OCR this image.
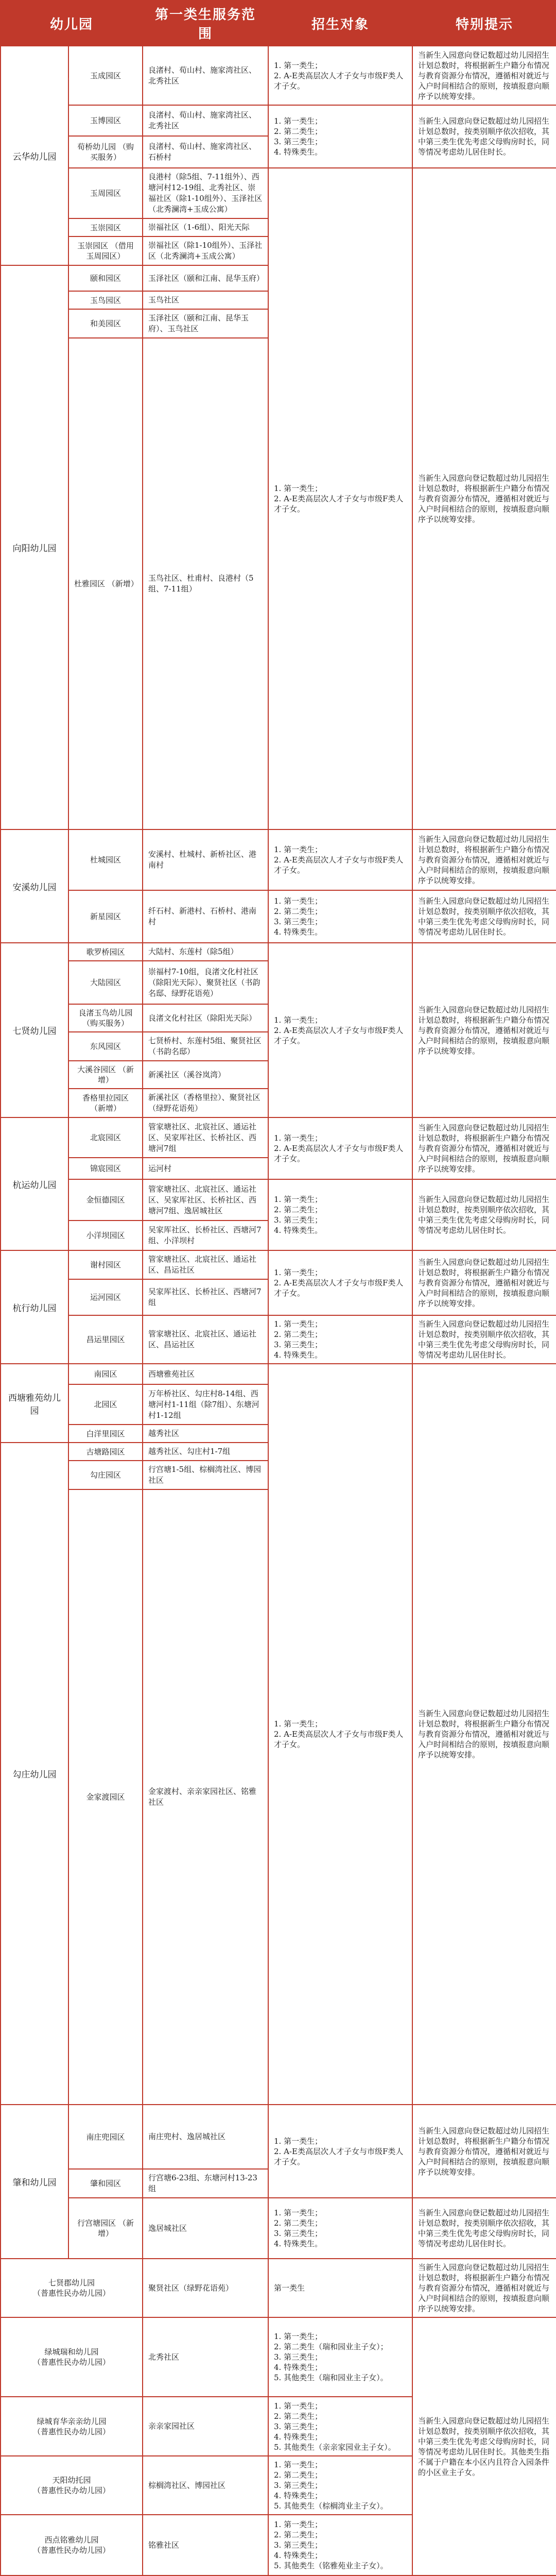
幼儿园		第一类生服务范围	招生对象	特别提示	
云华幼儿园	玉成园区	良渚村、荀山村、施家湾社区、北秀社区	1. 第一类生；
2. A-E类高层次人才子女与市级F类人才子女。	当新生入园意向登记数超过幼儿园招生计划总数时，将根据新生户籍分布情况与教育资源分布情况，遵循相对就近与入户时间相结合的原则，按填报意向顺序予以统筹安排。	
	玉博园区	良渚村、荀山村、施家湾社区、北秀社区	1. 第一类生；
2. 第二类生；
3. 第三类生；
4. 特殊类生。	当新生入园意向登记数超过幼儿园招生计划总数时，按类别顺序依次招收，其中第三类生优先考虑父母购房时长，同等情况考虑幼儿居住时长。	
	荀桥幼儿园 （购买服务）	良渚村、荀山村、施家湾社区、石桥村			
	玉周园区	良港村（除5组、7-11组外）、西塘河村12-19组、北秀社区、崇福社区（除1-10组外）、玉泽社区（北秀澜湾+玉成公寓）	1. 第一类生；
2. A-E类高层次人才子女与市级F类人才子女。	当新生入园意向登记数超过幼儿园招生计划总数时，将根据新生户籍分布情况与教育资源分布情况，遵循相对就近与入户时间相结合的原则，按填报意向顺序予以统筹安排。	
	玉崇园区	崇福社区（1-6组）、阳光天际			
	玉崇园区 （借用玉周园区）	崇福社区（除1-10组外）、玉泽社区（北秀澜湾+玉成公寓）			
向阳幼儿园	颐和园区	玉泽社区（颐和江南、昆华玉府）			
	玉鸟园区	玉鸟社区			
	和美园区	玉泽社区（颐和江南、昆华玉府）、玉鸟社区			
	杜雅园区 （新增）	玉鸟社区、杜甫村、良港村（5组、7-11组）		
安溪幼儿园	杜城园区	安溪村、杜城村、新桥社区、港南村	1. 第一类生；
2. A-E类高层次人才子女与市级F类人才子女。	当新生入园意向登记数超过幼儿园招生计划总数时，将根据新生户籍分布情况与教育资源分布情况，遵循相对就近与入户时间相结合的原则，按填报意向顺序予以统筹安排。	
	新星园区	纤石村、新港村、石桥村、港南村	1. 第一类生；
2. 第二类生；
3. 第三类生；
4. 特殊类生。	当新生入园意向登记数超过幼儿园招生计划总数时，按类别顺序依次招收，其中第三类生优先考虑父母购房时长，同等情况考虑幼儿居住时长。	
七贤幼儿园	歌罗桥园区	大陆村、东莲村（除5组）	1. 第一类生；
2. A-E类高层次人才子女与市级F类人才子女。	当新生入园意向登记数超过幼儿园招生计划总数时，将根据新生户籍分布情况与教育资源分布情况，遵循相对就近与入户时间相结合的原则，按填报意向顺序予以统筹安排。	
	大陆园区	崇福村7-10组，良渚文化村社区（除阳光天际）、聚贤社区（书韵名邸、绿野花语苑）			
	良渚玉鸟幼儿园 （购买服务）	良渚文化村社区（除阳光天际）			
	东风园区	七贤桥村、东莲村5组、聚贤社区（书韵名邸）			
	大溪谷园区 （新增）	新溪社区（溪谷岚湾）			
	香格里拉园区 （新增）	新溪社区（香格里拉）、聚贤社区（绿野花语苑）			
杭运幼儿园	北宸园区	管家塘社区、北宸社区、通运社区、吴家厍社区、长桥社区、西塘河7组	1. 第一类生；
2. A-E类高层次人才子女与市级F类人才子女。	当新生入园意向登记数超过幼儿园招生计划总数时，将根据新生户籍分布情况与教育资源分布情况，遵循相对就近与入户时间相结合的原则，按填报意向顺序予以统筹安排。	
	锦宸园区	运河村			
	金恒德园区	管家塘社区、北宸社区、通运社区、吴家厍社区、长桥社区、西塘河7组、逸居城社区	1. 第一类生；
2. 第二类生；
3. 第三类生；
4. 特殊类生。	当新生入园意向登记数超过幼儿园招生计划总数时，按类别顺序依次招收，其中第三类生优先考虑父母购房时长，同等情况考虑幼儿居住时长。	
	小洋坝园区	吴家厍社区、长桥社区、西塘河7组、小洋坝村			
杭行幼儿园	谢村园区	管家塘社区、北宸社区、通运社区、昌运社区	1. 第一类生；
2. A-E类高层次人才子女与市级F类人才子女。	当新生入园意向登记数超过幼儿园招生计划总数时，将根据新生户籍分布情况与教育资源分布情况，遵循相对就近与入户时间相结合的原则，按填报意向顺序予以统筹安排。	
	运河园区	吴家厍社区、长桥社区、西塘河7组			
	昌运里园区	管家塘社区、北宸社区、通运社区、昌运社区	1. 第一类生；
2. 第二类生；
3. 第三类生；
4. 特殊类生。	当新生入园意向登记数超过幼儿园招生计划总数时，按类别顺序依次招收，其中第三类生优先考虑父母购房时长，同等情况考虑幼儿居住时长。	
西塘雅苑幼儿园	南园区	西塘雅苑社区	1. 第一类生；
2. A-E类高层次人才子女与市级F类人才子女。	当新生入园意向登记数超过幼儿园招生计划总数时，将根据新生户籍分布情况与教育资源分布情况，遵循相对就近与入户时间相结合的原则，按填报意向顺序予以统筹安排。	
	北园区	万年桥社区、勾庄村8-14组、西塘河村1-11组（除7组）、东塘河村1-12组			
	白洋里园区	越秀社区			
勾庄幼儿园	古塘路园区	越秀社区、勾庄村1-7组			
	勾庄园区	行宫塘1-5组、棕榈湾社区、博园社区			
	金家渡园区	金家渡村、亲亲家园社区、铭雅社区		
肇和幼儿园	南庄兜园区	南庄兜村、逸居城社区	1. 第一类生；
2. A-E类高层次人才子女与市级F类人才子女。	当新生入园意向登记数超过幼儿园招生计划总数时，将根据新生户籍分布情况与教育资源分布情况，遵循相对就近与入户时间相结合的原则，按填报意向顺序予以统筹安排。	
	肇和园区	行宫塘6-23组、东塘河村13-23组			
	行宫塘园区 （新增）	逸居城社区	1. 第一类生；
2. 第二类生；
3. 第三类生；
4. 特殊类生。	当新生入园意向登记数超过幼儿园招生计划总数时，按类别顺序依次招收，其中第三类生优先考虑父母购房时长，同等情况考虑幼儿居住时长。	
七贤郡幼儿园
（普惠性民办幼儿园）		聚贤社区（绿野花语苑）	第一类生	当新生入园意向登记数超过幼儿园招生计划总数时，将根据新生户籍分布情况与教育资源分布情况，遵循相对就近与入户时间相结合的原则，按填报意向顺序予以统筹安排。	
绿城瑞和幼儿园
（普惠性民办幼儿园）		北秀社区	1. 第一类生；
2. 第二类生（瑞和园业主子女）；
3. 第三类生；
4. 特殊类生；
5. 其他类生（瑞和园业主子女）。	当新生入园意向登记数超过幼儿园招生计划总数时，按类别顺序依次招收，其中第三类生优先考虑父母购房时长，同等情况考虑幼儿居住时长。其他类生指不属于户籍在本小区内且符合入园条件的小区业主子女。	
绿城育华亲亲幼儿园
（普惠性民办幼儿园）		亲亲家园社区	1. 第一类生；
2. 第二类生；
3. 第三类生；
4. 特殊类生；
5. 其他类生（亲亲家园业主子女）。		
天阳幼托园
（普惠性民办幼儿园）		棕榈湾社区、博园社区	1. 第一类生；
2. 第二类生；
3. 第三类生；
4. 特殊类生；
5. 其他类生（棕榈湾业主子女）。		
西点铭雅幼儿园
（普惠性民办幼儿园）		铭雅社区	1. 第一类生；
2. 第二类生；
3. 第三类生；
4. 特殊类生；
5. 其他类生（铭雅苑业主子女）。		
